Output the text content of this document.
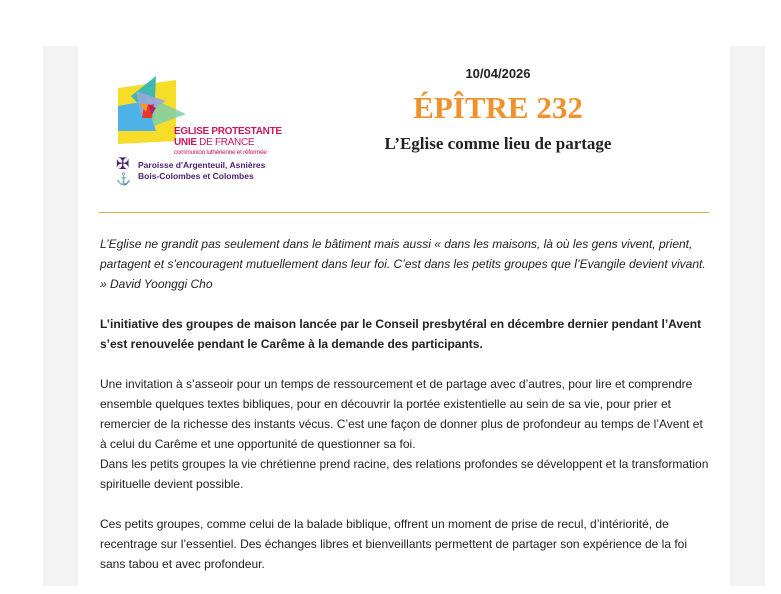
EGLISE PROTESTANTE
UNIE DE FRANCE
communion luthérienne et réformée
✠
⚓
Paroisse d'Argenteuil, Asnières
Bois-Colombes et Colombes
10/04/2026
ÉPÎTRE 232
L’Eglise comme lieu de partage

L’Eglise ne grandit pas seulement dans le bâtiment mais aussi « dans les maisons, là où les gens vivent, prient, partagent et s’encouragent mutuellement dans leur foi. C’est dans les petits groupes que l’Evangile devient vivant. » David Yoonggi Cho

L’initiative des groupes de maison lancée par le Conseil presbytéral en décembre dernier pendant l’Avent s’est renouvelée pendant le Carême à la demande des participants.

Une invitation à s’asseoir pour un temps de ressourcement et de partage avec d’autres, pour lire et comprendre ensemble quelques textes bibliques, pour en découvrir la portée existentielle au sein de sa vie, pour prier et remercier de la richesse des instants vécus. C’est une façon de donner plus de profondeur au temps de l’Avent et à celui du Carême et une opportunité de questionner sa foi.
Dans les petits groupes la vie chrétienne prend racine, des relations profondes se développent et la transformation spirituelle devient possible.

Ces petits groupes, comme celui de la balade biblique, offrent un moment de prise de recul, d’intériorité, de recentrage sur l’essentiel. Des échanges libres et bienveillants permettent de partager son expérience de la foi sans tabou et avec profondeur.
